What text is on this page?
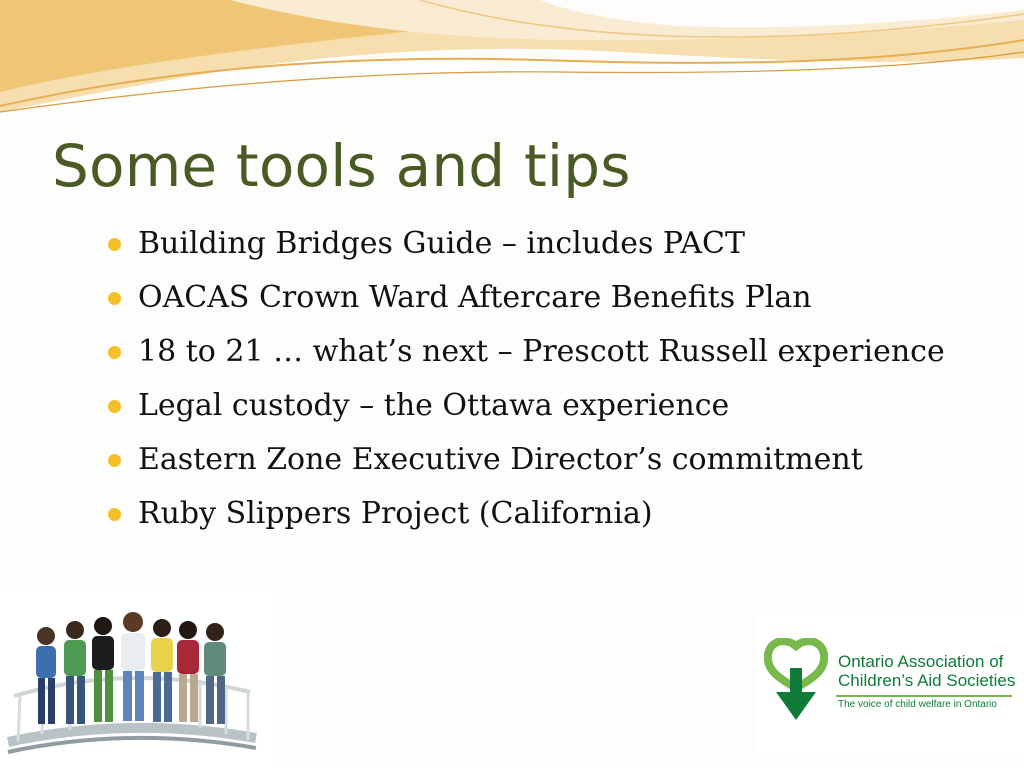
Some tools and tips
Building Bridges Guide – includes PACT
OACAS Crown Ward Aftercare Benefits Plan
18 to 21 … what’s next – Prescott Russell experience
Legal custody – the Ottawa experience
Eastern Zone Executive Director’s commitment
Ruby Slippers Project (California)
Ontario Association of
Children’s Aid Societies
The voice of child welfare in Ontario
